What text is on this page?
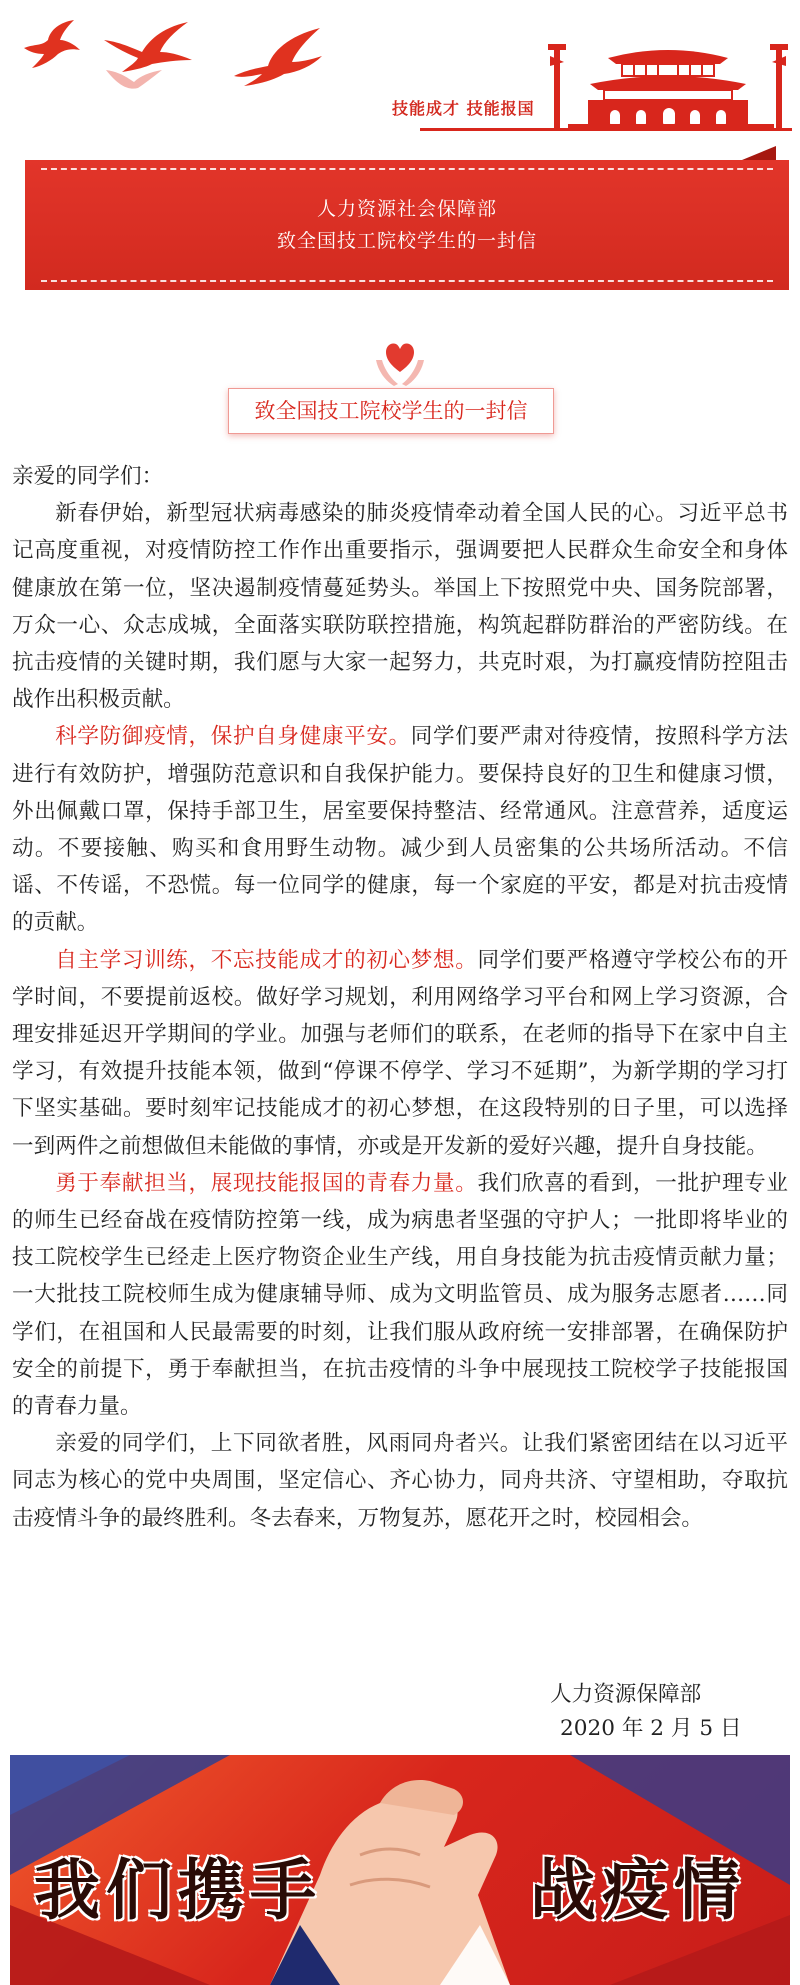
技能成才 技能报国
人力资源社会保障部
致全国技工院校学生的一封信
致全国技工院校学生的一封信

亲爱的同学们：

新春伊始，新型冠状病毒感染的肺炎疫情牵动着全国人民的心。习近平总书记高度重视，对疫情防控工作作出重要指示，强调要把人民群众生命安全和身体健康放在第一位，坚决遏制疫情蔓延势头。举国上下按照党中央、国务院部署，万众一心、众志成城，全面落实联防联控措施，构筑起群防群治的严密防线。在抗击疫情的关键时期，我们愿与大家一起努力，共克时艰，为打赢疫情防控阻击战作出积极贡献。

科学防御疫情，保护自身健康平安。同学们要严肃对待疫情，按照科学方法进行有效防护，增强防范意识和自我保护能力。要保持良好的卫生和健康习惯，外出佩戴口罩，保持手部卫生，居室要保持整洁、经常通风。注意营养，适度运动。不要接触、购买和食用野生动物。减少到人员密集的公共场所活动。不信谣、不传谣，不恐慌。每一位同学的健康，每一个家庭的平安，都是对抗击疫情的贡献。

自主学习训练，不忘技能成才的初心梦想。同学们要严格遵守学校公布的开学时间，不要提前返校。做好学习规划，利用网络学习平台和网上学习资源，合理安排延迟开学期间的学业。加强与老师们的联系，在老师的指导下在家中自主学习，有效提升技能本领，做到“停课不停学、学习不延期”，为新学期的学习打下坚实基础。要时刻牢记技能成才的初心梦想，在这段特别的日子里，可以选择一到两件之前想做但未能做的事情，亦或是开发新的爱好兴趣，提升自身技能。

勇于奉献担当，展现技能报国的青春力量。我们欣喜的看到，一批护理专业的师生已经奋战在疫情防控第一线，成为病患者坚强的守护人；一批即将毕业的技工院校学生已经走上医疗物资企业生产线，用自身技能为抗击疫情贡献力量；一大批技工院校师生成为健康辅导师、成为文明监管员、成为服务志愿者……同学们，在祖国和人民最需要的时刻，让我们服从政府统一安排部署，在确保防护安全的前提下，勇于奉献担当，在抗击疫情的斗争中展现技工院校学子技能报国的青春力量。

亲爱的同学们，上下同欲者胜，风雨同舟者兴。让我们紧密团结在以习近平同志为核心的党中央周围，坚定信心、齐心协力，同舟共济、守望相助，夺取抗击疫情斗争的最终胜利。冬去春来，万物复苏，愿花开之时，校园相会。

人力资源保障部
2020 年 2 月 5 日
我们携手	战疫情
